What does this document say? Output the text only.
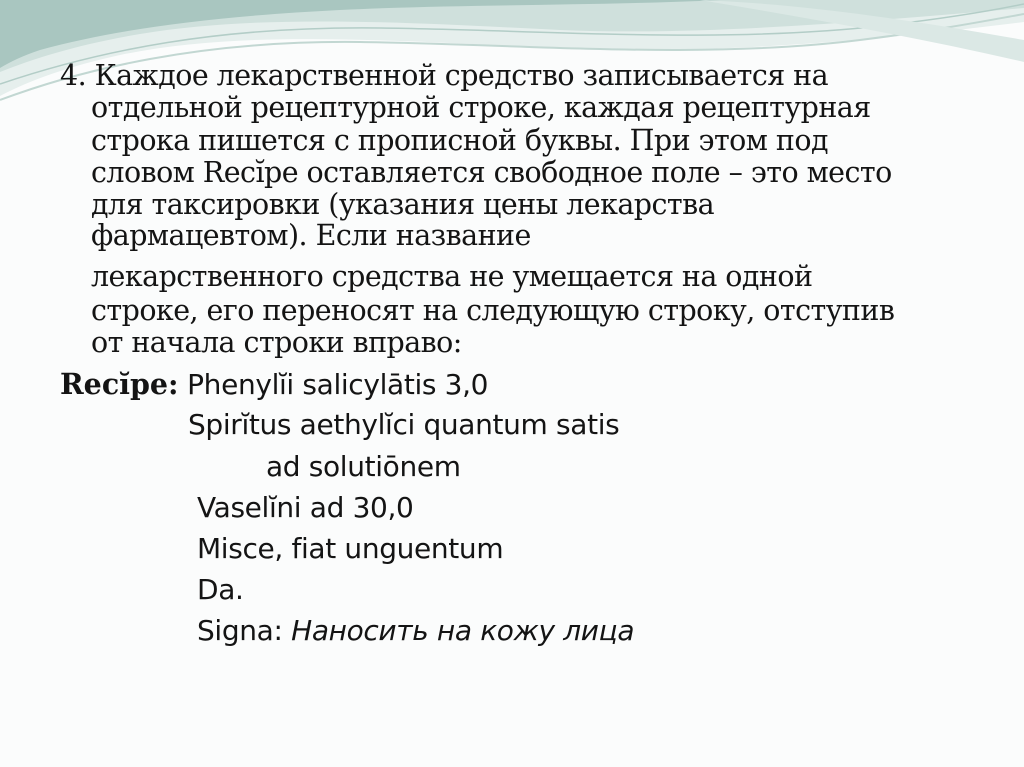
4. Каждое лекарственной средство записывается на

отдельной рецептурной строке, каждая рецептурная

строка пишется с прописной буквы. При этом под

словом Recĭpe оставляется свободное поле – это место

для таксировки (указания цены лекарства

фармацевтом). Если название

лекарственного средства не умещается на одной

строке, его переносят на следующую строку, отступив

от начала строки вправо:

Recĭpe: Phenylĭi salicylātis 3,0

Spirĭtus aethylĭci quantum satis

ad solutiōnem

Vaselĭni ad 30,0

Misce, fiat unguentum

Da.

Signa: Наносить на кожу лица
